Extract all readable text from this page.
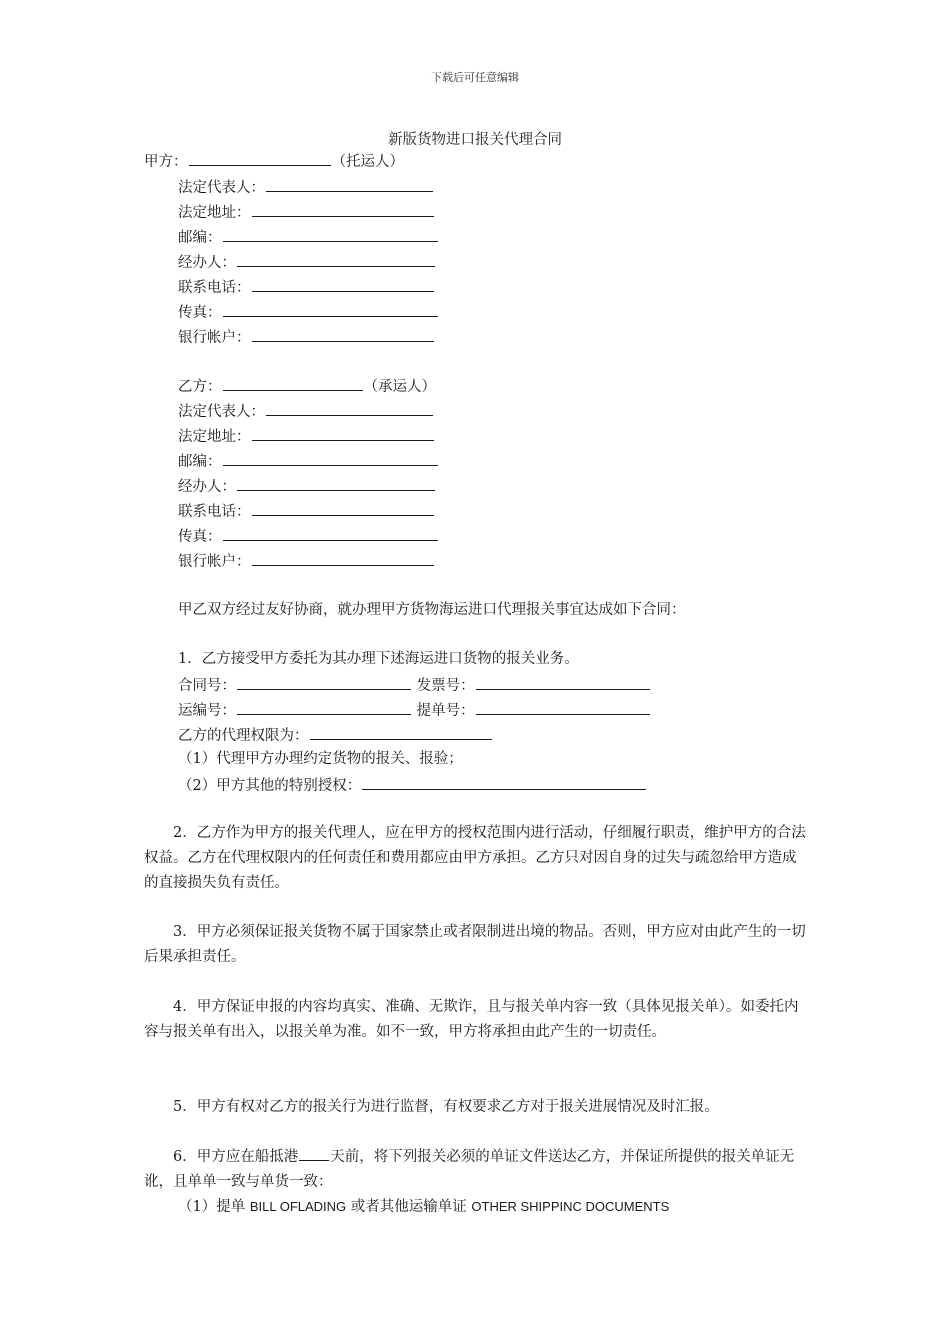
下载后可任意编辑
新版货物进口报关代理合同
甲方：	（托运人）
法定代表人：
法定地址：
邮编：
经办人：
联系电话：
传真：
银行帐户：
乙方：	（承运人）
法定代表人：
法定地址：
邮编：
经办人：
联系电话：
传真：
银行帐户：
甲乙双方经过友好协商，就办理甲方货物海运进口代理报关事宜达成如下合同：
1．乙方接受甲方委托为其办理下述海运进口货物的报关业务。
合同号：	发票号：
运编号：	提单号：
乙方的代理权限为：
（1）代理甲方办理约定货物的报关、报验；
（2）甲方其他的特别授权：
2．乙方作为甲方的报关代理人，应在甲方的授权范围内进行活动，仔细履行职责，维护甲方的合法权益。乙方在代理权限内的任何责任和费用都应由甲方承担。乙方只对因自身的过失与疏忽给甲方造成的直接损失负有责任。
3．甲方必须保证报关货物不属于国家禁止或者限制进出境的物品。否则，甲方应对由此产生的一切后果承担责任。
4．甲方保证申报的内容均真实、准确、无欺诈，且与报关单内容一致（具体见报关单）。如委托内容与报关单有出入，以报关单为准。如不一致，甲方将承担由此产生的一切责任。
5．甲方有权对乙方的报关行为进行监督，有权要求乙方对于报关进展情况及时汇报。
6．甲方应在船抵港 天前，将下列报关必须的单证文件送达乙方，并保证所提供的报关单证无讹，且单单一致与单货一致：
（1）提单 BILL OFLADING 或者其他运输单证 OTHER SHIPPINC DOCUMENTS
